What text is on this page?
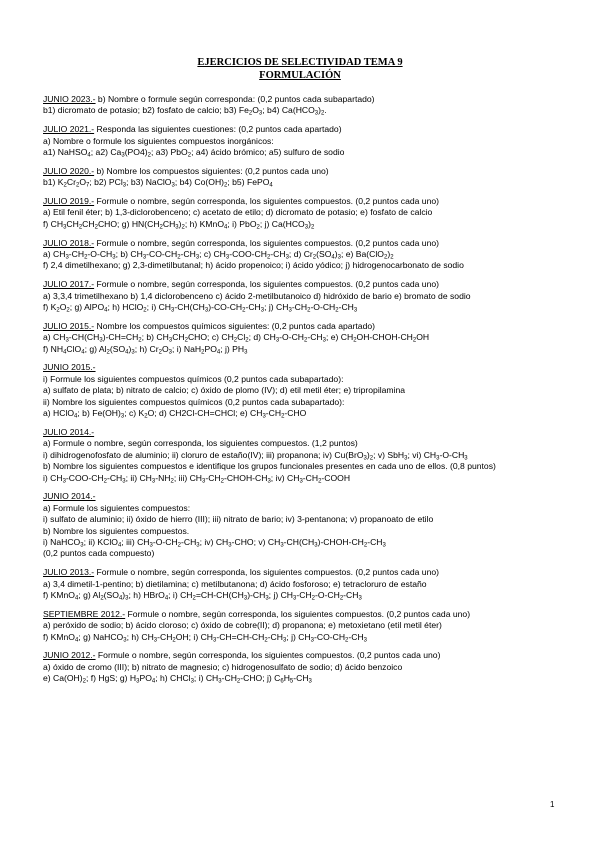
EJERCICIOS DE SELECTIVIDAD TEMA 9
FORMULACIÓN

JUNIO 2023.- b) Nombre o formule según corresponda: (0,2 puntos cada subapartado)

b1) dicromato de potasio; b2) fosfato de calcio; b3) $Fe_2O_3$; b4) $Ca(HCO_3)_2$.

JULIO 2021.- Responda las siguientes cuestiones: (0,2 puntos cada apartado)

a) Nombre o formule los siguientes compuestos inorgánicos:

a1) NaHSO$_4$; a2) $Ca_3(PO4)_2$; a3) PbO$_2$; a4) ácido brómico; a5) sulfuro de sodio

JULIO 2020.- b) Nombre los compuestos siguientes: (0,2 puntos cada uno)

b1) $K_2Cr_2O_7$; b2) PCl$_3$; b3) NaClO$_3$; b4) $Co(OH)_2$; b5) FePO$_4$

JULIO 2019.- Formule o nombre, según corresponda, los siguientes compuestos. (0,2 puntos cada uno)

a) Etil fenil éter; b) 1,3-diclorobenceno; c) acetato de etilo; d) dicromato de potasio; e) fosfato de calcio

f) $CH_3CH_2CH_2CHO$; g) $HN(CH_2CH_3)_2$; h) KMnO$_4$; i) PbO$_2$; j) $Ca(HCO_3)_2$

JULIO 2018.- Formule o nombre, según corresponda, los siguientes compuestos. (0,2 puntos cada uno)

a) $CH_3-CH_2-O-CH_3$; b) $CH_3-CO-CH_2-CH_3$; c) $CH_3-COO-CH_2-CH_3$; d) $Cr_2(SO_4)_3$; e) $Ba(ClO_2)_2$

f) 2,4 dimetilhexano; g) 2,3-dimetilbutanal; h) ácido propenoico; i) ácido yódico; j) hidrogenocarbonato de sodio

JULIO 2017.- Formule o nombre, según corresponda, los siguientes compuestos. (0,2 puntos cada uno)

a) 3,3,4 trimetilhexano b) 1,4 diclorobenceno c) ácido 2-metilbutanoico d) hidróxido de bario e) bromato de sodio

f) $K_2O_2$; g) AlPO$_4$; h) HClO$_2$; i) $CH_3-CH(CH_3)-CO-CH_2-CH_3$; j) $CH_3-CH_2-O-CH_2-CH_3$

JULIO 2015.- Nombre los compuestos químicos siguientes: (0,2 puntos cada apartado)

a) $CH_3-CH(CH_3)-CH=CH_2$; b) $CH_3CH_2CHO$; c) $CH_2Cl_2$; d) $CH_3-O-CH_2-CH_3$; e) $CH_2OH-CHOH-CH_2OH$

f) $NH_4ClO_4$; g) $Al_2(SO_4)_3$; h) $Cr_2O_3$; i) $NaH_2PO_4$; j) $PH_3$

JUNIO 2015.-

i) Formule los siguientes compuestos químicos (0,2 puntos cada subapartado):

a) sulfato de plata; b) nitrato de calcio; c) óxido de plomo (IV); d) etil metil éter; e) tripropilamina

ii) Nombre los siguientes compuestos químicos (0,2 puntos cada subapartado):

a) HClO$_4$; b) $Fe(OH)_3$; c) $K_2O$; d) CH2Cl-CH=CHCl; e) $CH_3-CH_2$-CHO

JULIO 2014.-

a) Formule o nombre, según corresponda, los siguientes compuestos. (1,2 puntos)

i) dihidrogenofosfato de aluminio; ii) cloruro de estaño(IV); iii) propanona; iv) $Cu(BrO_3)_2$; v) SbH$_3$; vi) $CH_3-O-CH_3$

b) Nombre los siguientes compuestos e identifique los grupos funcionales presentes en cada uno de ellos. (0,8 puntos)

i) $CH_3-COO-CH_2-CH_3$; ii) $CH_3-NH_2$; iii) $CH_3-CH_2-CHOH-CH_3$; iv) $CH_3-CH_2$-COOH

JUNIO 2014.-

a) Formule los siguientes compuestos:

i) sulfato de aluminio; ii) óxido de hierro (III); iii) nitrato de bario; iv) 3-pentanona; v) propanoato de etilo

b) Nombre los siguientes compuestos.

i) NaHCO$_3$; ii) KClO$_4$; iii) $CH_3-O-CH_2-CH_3$; iv) $CH_3$-CHO; v) $CH_3-CH(CH_3)-CHOH-CH_2-CH_3$

(0,2 puntos cada compuesto)

JULIO 2013.- Formule o nombre, según corresponda, los siguientes compuestos. (0,2 puntos cada uno)

a) 3,4 dimetil-1-pentino; b) dietilamina; c) metilbutanona; d) ácido fosforoso; e) tetracloruro de estaño

f) KMnO$_4$; g) $Al_2(SO_4)_3$; h) HBrO$_4$; i) $CH_2=CH-CH(CH_3)-CH_3$; j) $CH_3-CH_2-O-CH_2-CH_3$

SEPTIEMBRE 2012.- Formule o nombre, según corresponda, los siguientes compuestos. (0,2 puntos cada uno)

a) peróxido de sodio; b) ácido cloroso; c) óxido de cobre(II); d) propanona; e) metoxietano (etil metil éter)

f) KMnO$_4$; g) NaHCO$_3$; h) $CH_3-CH_2OH$; i) $CH_3-CH=CH-CH_2-CH_3$; j) $CH_3-CO-CH_2-CH_3$

JUNIO 2012.- Formule o nombre, según corresponda, los siguientes compuestos. (0,2 puntos cada uno)

a) óxido de cromo (III); b) nitrato de magnesio; c) hidrogenosulfato de sodio; d) ácido benzoico

e) $Ca(OH)_2$; f) HgS; g) $H_3PO_4$; h) CHCl$_3$; i) $CH_3-CH_2$-CHO; j) $C_6H_5-CH_3$

1
